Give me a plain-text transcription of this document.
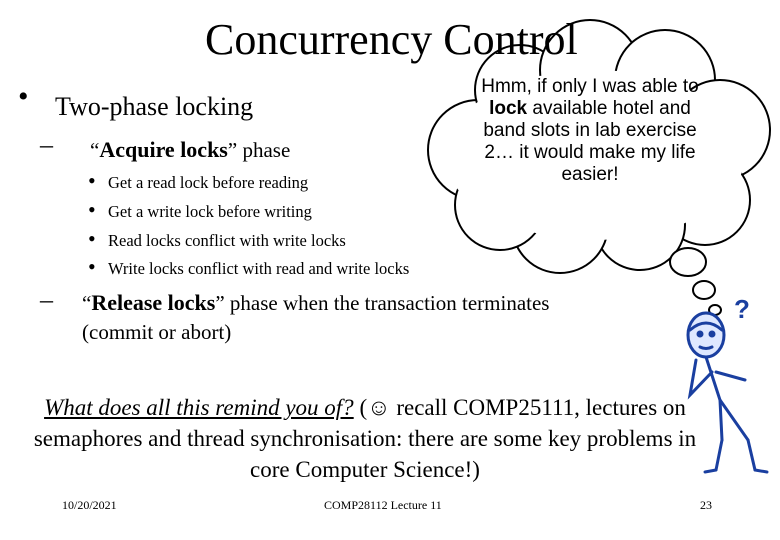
?
Concurrency Control
• Two-phase locking
– “Acquire locks” phase
• Get a read lock before reading
• Get a write lock before writing
• Read locks conflict with write locks
• Write locks conflict with read and write locks
– “Release locks” phase when the transaction terminates
(commit or abort)
Hmm, if only I was able to lock available hotel and band slots in lab exercise 2… it would make my life easier!
What does all this remind you of? (☺ recall COMP25111, lectures on semaphores and thread synchronisation: there are some key problems in core Computer Science!)
10/20/2021	COMP28112 Lecture 11	23
